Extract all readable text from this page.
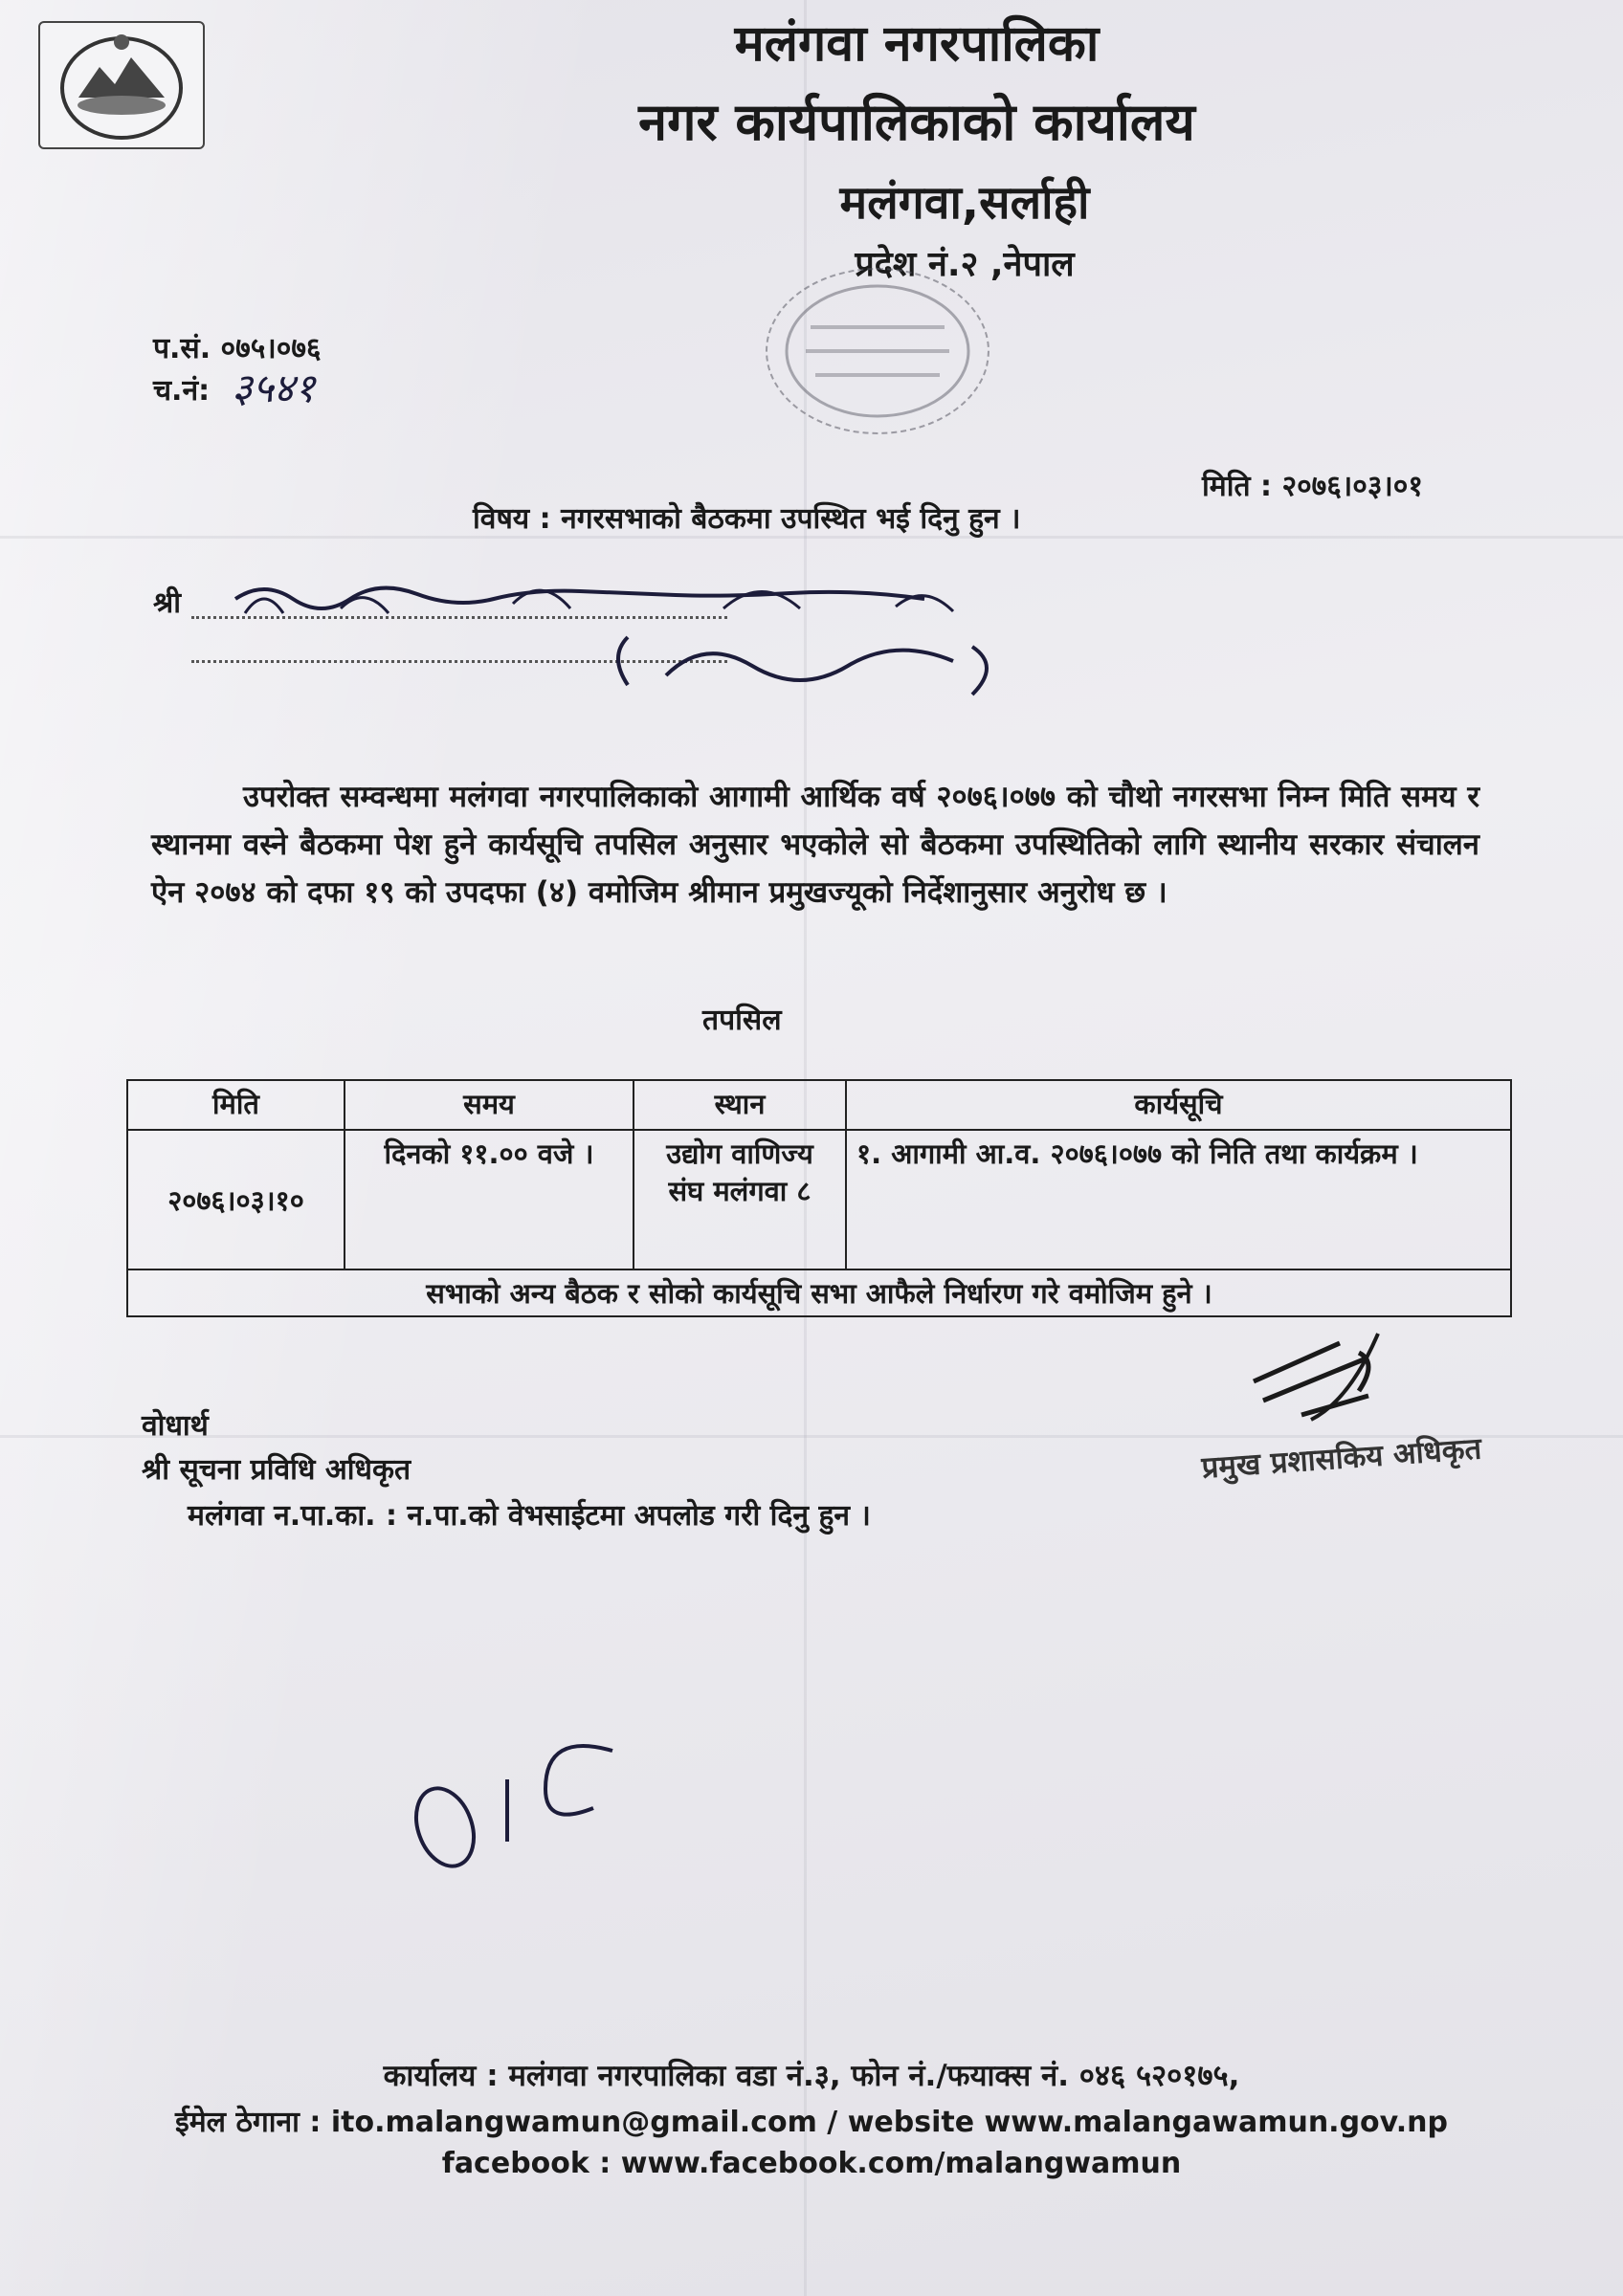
मलंगवा नगरपालिका
नगर कार्यपालिकाको कार्यालय
मलंगवा,सर्लाही
प्रदेश नं.२ ,नेपाल
प.सं. ०७५।०७६
च.नं: ३५४१
मिति : २०७६।०३।०१
विषय : नगरसभाको बैठकमा उपस्थित भई दिनु हुन ।
श्री
उपरोक्त सम्वन्धमा मलंगवा नगरपालिकाको आगामी आर्थिक वर्ष २०७६।०७७ को चौथो नगरसभा निम्न मिति समय र स्थानमा वस्ने बैठकमा पेश हुने कार्यसूचि तपसिल अनुसार भएकोले सो बैठकमा उपस्थितिको लागि स्थानीय सरकार संचालन ऐन २०७४ को दफा १९ को उपदफा (४) वमोजिम श्रीमान प्रमुखज्यूको निर्देशानुसार अनुरोध छ ।
तपसिल
मिति	समय	स्थान	कार्यसूचि
२०७६।०३।१०	दिनको ११.०० वजे ।	उद्योग वाणिज्य संघ मलंगवा ८	१. आगामी आ.व. २०७६।०७७ को निति तथा कार्यक्रम ।
सभाको अन्य बैठक र सोको कार्यसूचि सभा आफैले निर्धारण गरे वमोजिम हुने ।			
प्रमुख प्रशासकिय अधिकृत
वोधार्थ
श्री सूचना प्रविधि अधिकृत
मलंगवा न.पा.का. : न.पा.को वेभसाईटमा अपलोड गरी दिनु हुन ।
कार्यालय : मलंगवा नगरपालिका वडा नं.३, फोन नं./फयाक्स नं. ०४६ ५२०१७५,
ईमेल ठेगाना : ito.malangwamun@gmail.com / website www.malangawamun.gov.np
facebook : www.facebook.com/malangwamun
